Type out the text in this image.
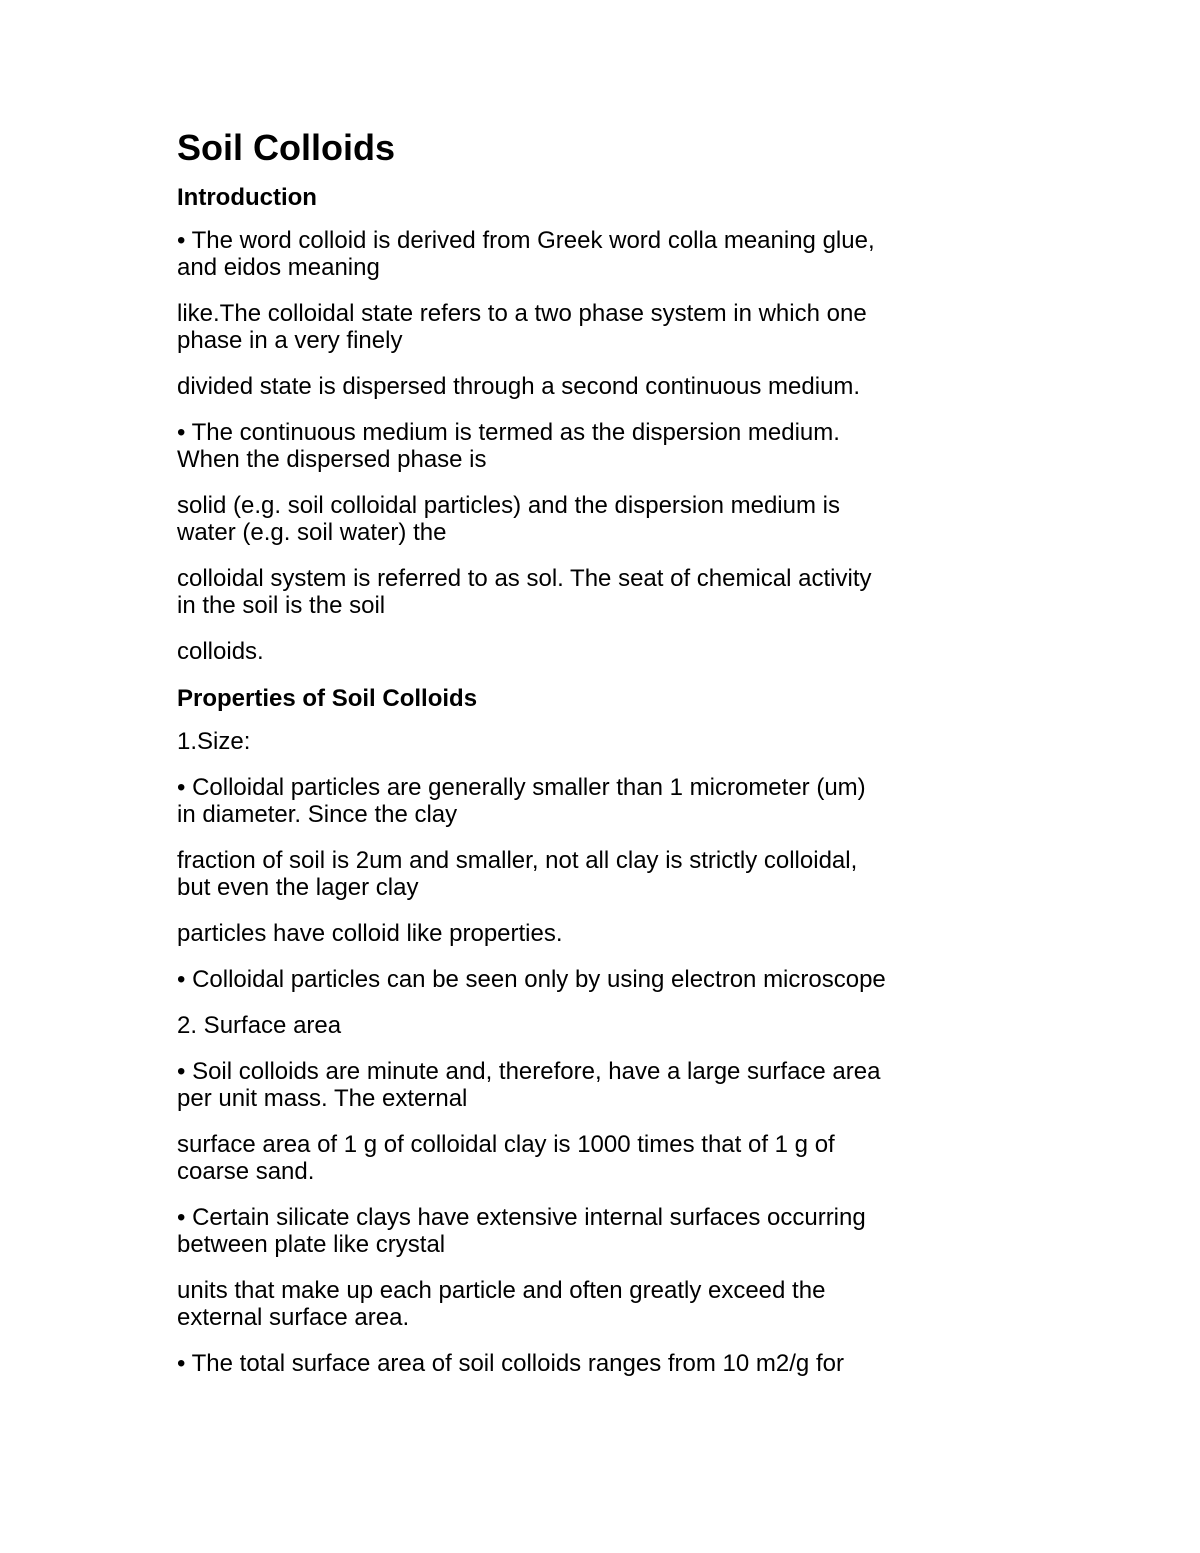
Soil Colloids
Introduction
• The word colloid is derived from Greek word colla meaning glue,
and eidos meaning
like.The colloidal state refers to a two phase system in which one
phase in a very finely
divided state is dispersed through a second continuous medium.
• The continuous medium is termed as the dispersion medium.
When the dispersed phase is
solid (e.g. soil colloidal particles) and the dispersion medium is
water (e.g. soil water) the
colloidal system is referred to as sol. The seat of chemical activity
in the soil is the soil
colloids.
Properties of Soil Colloids
1.Size:
• Colloidal particles are generally smaller than 1 micrometer (um)
in diameter. Since the clay
fraction of soil is 2um and smaller, not all clay is strictly colloidal,
but even the lager clay
particles have colloid like properties.
• Colloidal particles can be seen only by using electron microscope
2. Surface area
• Soil colloids are minute and, therefore, have a large surface area
per unit mass. The external
surface area of 1 g of colloidal clay is 1000 times that of 1 g of
coarse sand.
• Certain silicate clays have extensive internal surfaces occurring
between plate like crystal
units that make up each particle and often greatly exceed the
external surface area.
• The total surface area of soil colloids ranges from 10 m2/g for
